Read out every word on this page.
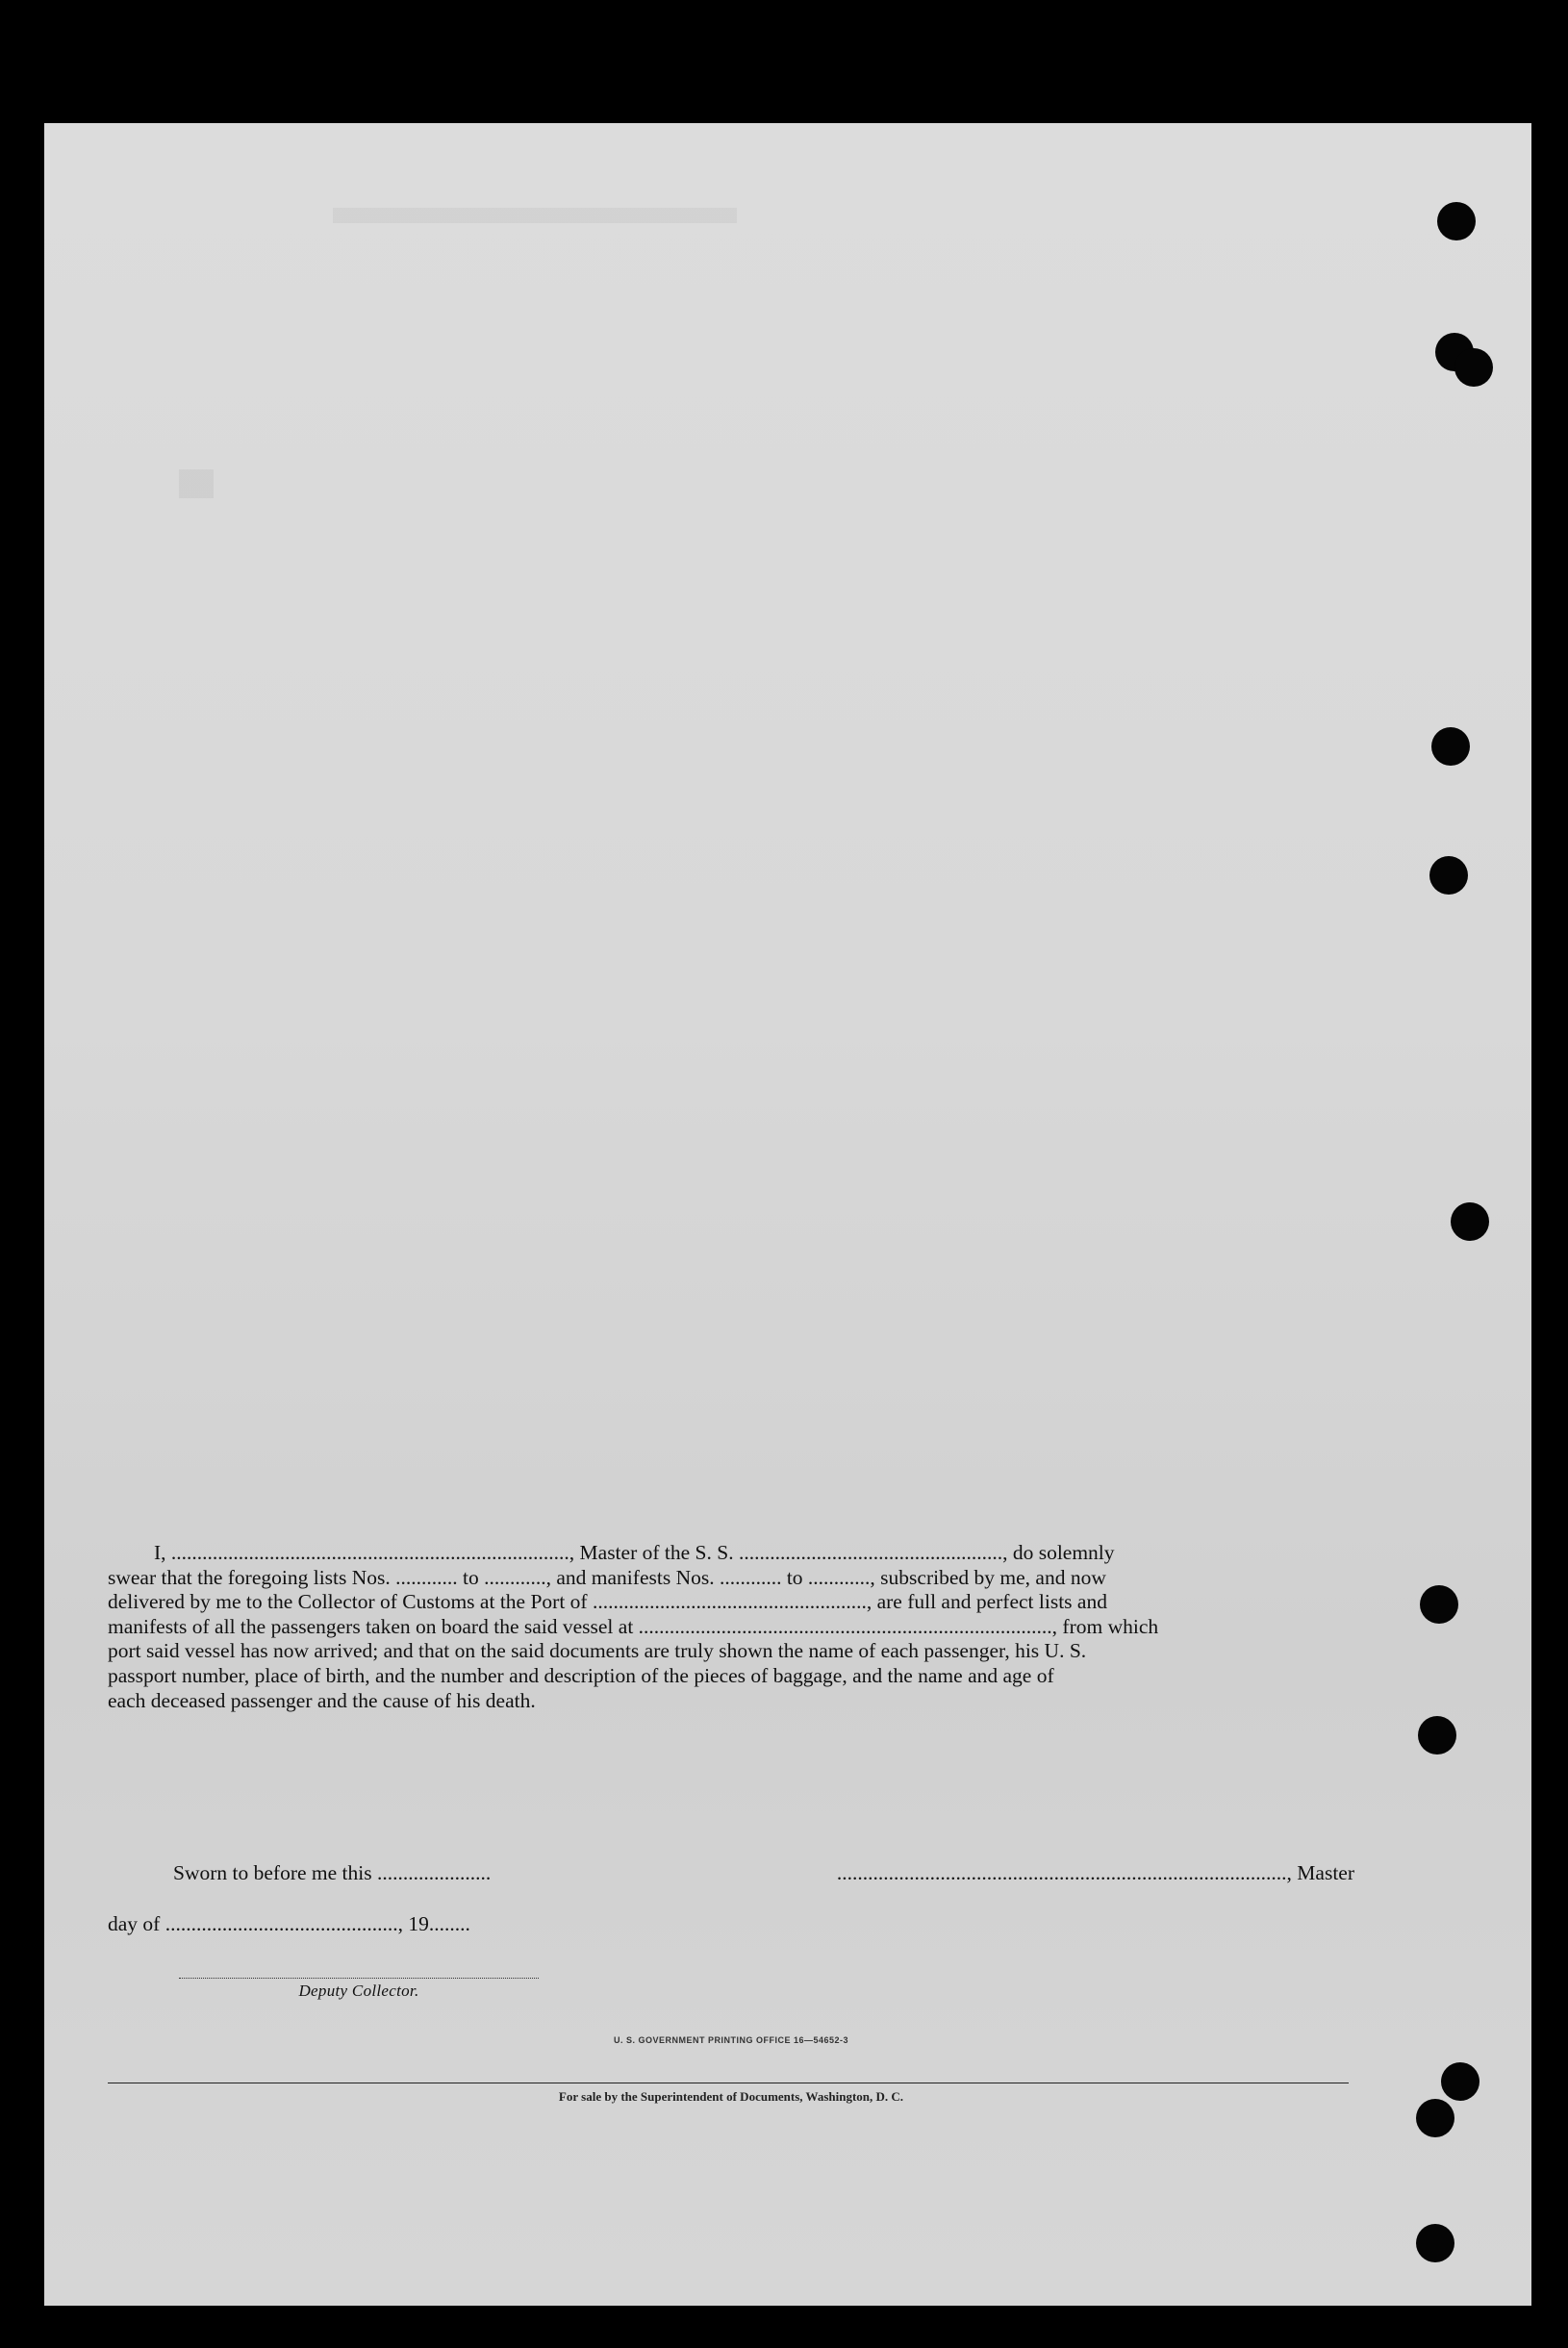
I, ............................................................................., Master of the S. S. ..................................................., do solemnly
swear that the foregoing lists Nos. ............ to ............, and manifests Nos. ............ to ............, subscribed by me, and now
delivered by me to the Collector of Customs at the Port of ....................................................., are full and perfect lists and
manifests of all the passengers taken on board the said vessel at ................................................................................, from which
port said vessel has now arrived; and that on the said documents are truly shown the name of each passenger, his U. S.
passport number, place of birth, and the number and description of the pieces of baggage, and the name and age of
each deceased passenger and the cause of his death.
Sworn to before me this ......................	......................................................................................., Master
day of ............................................., 19........
Deputy Collector.
U. S. GOVERNMENT PRINTING OFFICE 16—54652-3
For sale by the Superintendent of Documents, Washington, D. C.
